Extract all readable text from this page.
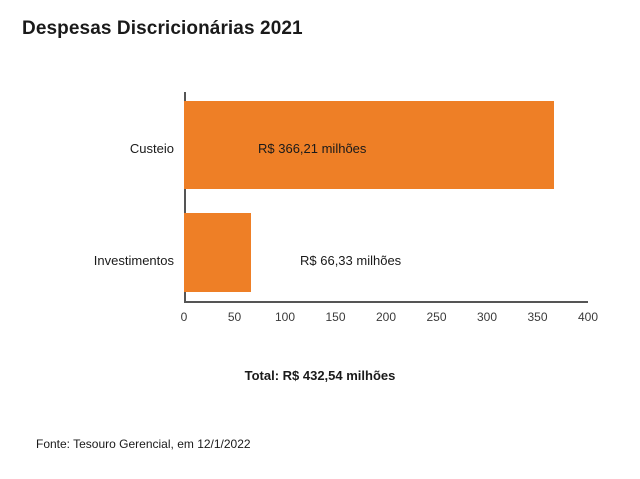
Despesas Discricionárias 2021
Custeio
Investimentos
R$ 366,21 milhões
R$ 66,33 milhões
0	50	100	150	200	250	300	350	400
Total: R$ 432,54 milhões
Fonte: Tesouro Gerencial, em 12/1/2022
